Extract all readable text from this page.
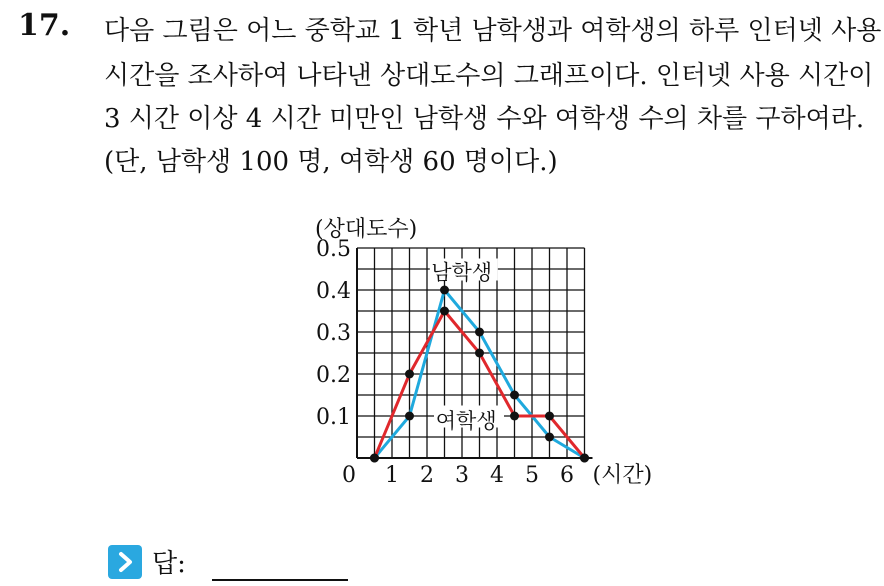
17. 다음 그림은 어느 중학교 1 학년 남학생과 여학생의 하루 인터넷 사용
시간을 조사하여 나타낸 상대도수의 그래프이다. 인터넷 사용 시간이
3 시간 이상 4 시간 미만인 남학생 수와 여학생 수의 차를 구하여라.
(단, 남학생 100 명, 여학생 60 명이다.)
0.1
0.2
0.3
0.4
0.5
0 1 2 3 4 5 6
(상대도수)
(시간)
남학생
여학생
답:
